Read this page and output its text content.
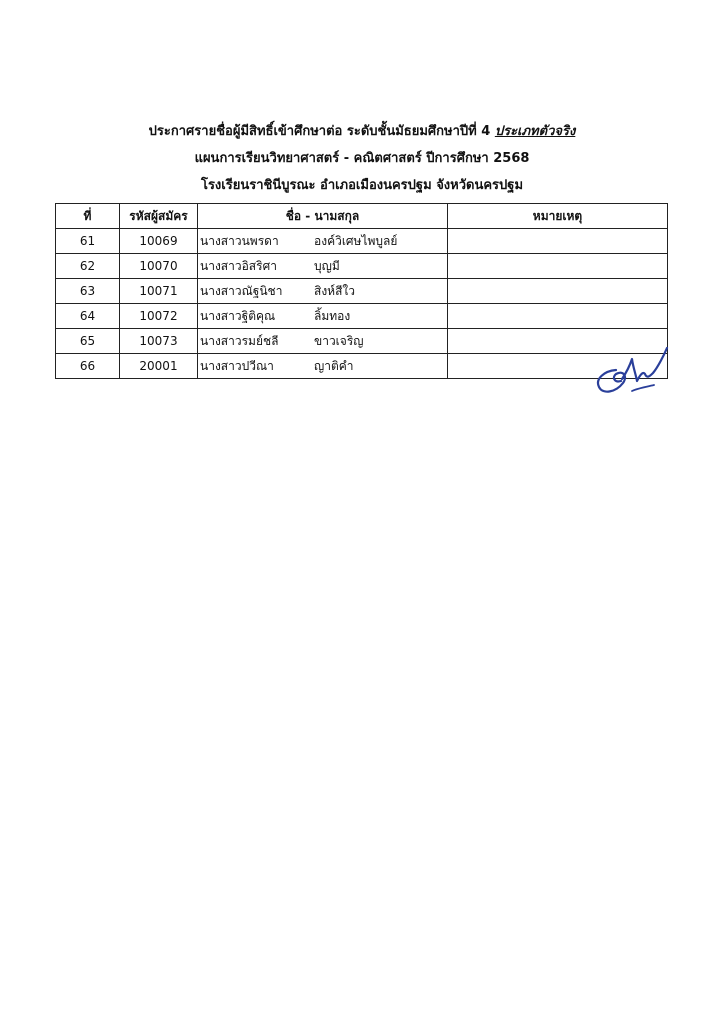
ประกาศรายชื่อผู้มีสิทธิ์เข้าศึกษาต่อ ระดับชั้นมัธยมศึกษาปีที่ 4 ประเภทตัวจริง
แผนการเรียนวิทยาศาสตร์ - คณิตศาสตร์ ปีการศึกษา 2568
โรงเรียนราชินีบูรณะ อำเภอเมืองนครปฐม จังหวัดนครปฐม
ที่	รหัสผู้สมัคร	ชื่อ - นามสกุล	หมายเหตุ
61	10069	นางสาวนพรดา องค์วิเศษไพบูลย์	

62	10070	นางสาวอิสริศา บุญมี	

63	10071	นางสาวณัฐนิชา สิงห์สีใว	

64	10072	นางสาวฐิติคุณ ลิ้มทอง	

65	10073	นางสาวรมย์ชลี ขาวเจริญ	

66	20001	นางสาวปวีณา ญาติคำ	
